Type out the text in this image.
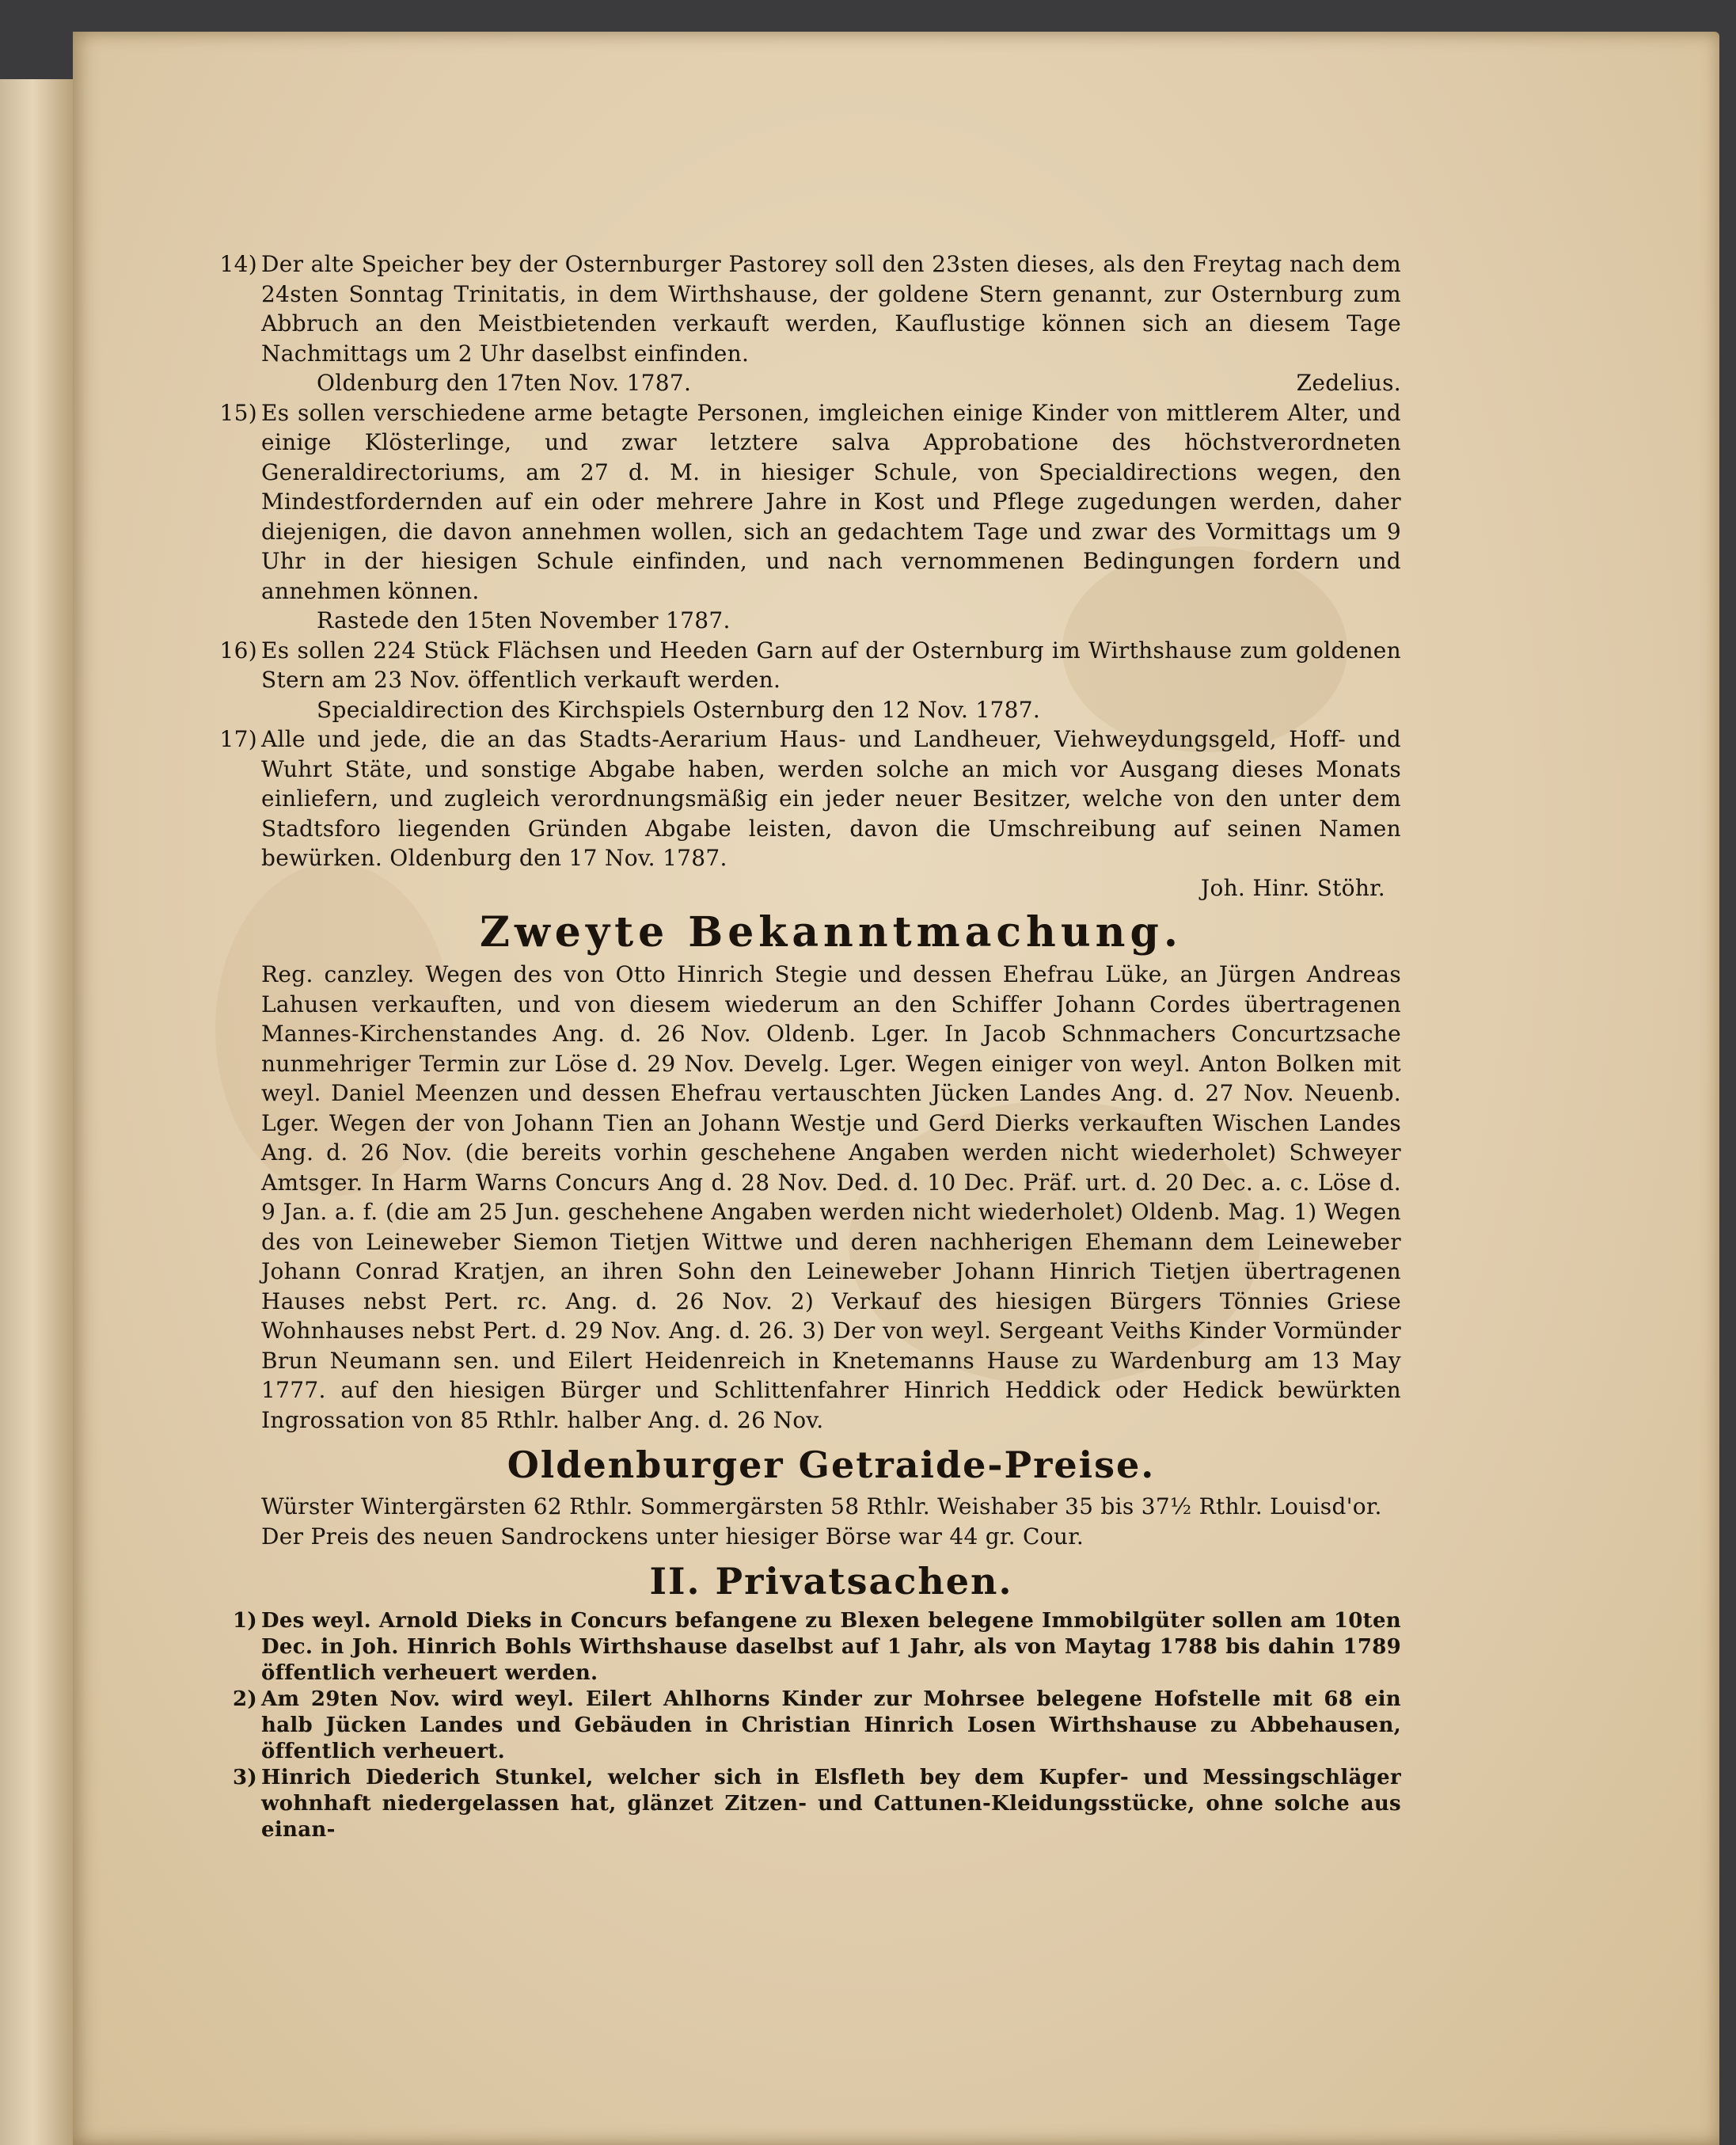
14) Der alte Speicher bey der Osternburger Pastorey soll den 23sten dieses, als den Freytag nach dem 24sten Sonntag Trinitatis, in dem Wirthshause, der goldene Stern genannt, zur Osternburg zum Abbruch an den Meistbietenden verkauft werden, Kauflustige können sich an diesem Tage Nachmittags um 2 Uhr daselbst einfinden.

Oldenburg den 17ten Nov. 1787.	Zedelius.

15) Es sollen verschiedene arme betagte Personen, imgleichen einige Kinder von mittlerem Alter, und einige Klösterlinge, und zwar letztere salva Approbatione des höchstverordneten Generaldirectoriums, am 27 d. M. in hiesiger Schule, von Specialdirections wegen, den Mindestfordernden auf ein oder mehrere Jahre in Kost und Pflege zugedungen werden, daher diejenigen, die davon annehmen wollen, sich an gedachtem Tage und zwar des Vormittags um 9 Uhr in der hiesigen Schule einfinden, und nach vernommenen Bedingungen fordern und annehmen können.

Rastede den 15ten November 1787.

16) Es sollen 224 Stück Flächsen und Heeden Garn auf der Osternburg im Wirthshause zum goldenen Stern am 23 Nov. öffentlich verkauft werden.

Specialdirection des Kirchspiels Osternburg den 12 Nov. 1787.

17) Alle und jede, die an das Stadts-Aerarium Haus- und Landheuer, Viehweydungsgeld, Hoff- und Wuhrt Stäte, und sonstige Abgabe haben, werden solche an mich vor Ausgang dieses Monats einliefern, und zugleich verordnungsmäßig ein jeder neuer Besitzer, welche von den unter dem Stadtsforo liegenden Gründen Abgabe leisten, davon die Umschreibung auf seinen Namen bewürken. Oldenburg den 17 Nov. 1787.

Joh. Hinr. Stöhr.
Zweyte Bekanntmachung.

Reg. canzley. Wegen des von Otto Hinrich Stegie und dessen Ehefrau Lüke, an Jürgen Andreas Lahusen verkauften, und von diesem wiederum an den Schiffer Johann Cordes übertragenen Mannes-Kirchenstandes Ang. d. 26 Nov. Oldenb. Lger. In Jacob Schnmachers Concurtzsache nunmehriger Termin zur Löse d. 29 Nov. Develg. Lger. Wegen einiger von weyl. Anton Bolken mit weyl. Daniel Meenzen und dessen Ehefrau vertauschten Jücken Landes Ang. d. 27 Nov. Neuenb. Lger. Wegen der von Johann Tien an Johann Westje und Gerd Dierks verkauften Wischen Landes Ang. d. 26 Nov. (die bereits vorhin geschehene Angaben werden nicht wiederholet) Schweyer Amtsger. In Harm Warns Concurs Ang d. 28 Nov. Ded. d. 10 Dec. Präf. urt. d. 20 Dec. a. c. Löse d. 9 Jan. a. f. (die am 25 Jun. geschehene Angaben werden nicht wiederholet) Oldenb. Mag. 1) Wegen des von Leineweber Siemon Tietjen Wittwe und deren nachherigen Ehemann dem Leineweber Johann Conrad Kratjen, an ihren Sohn den Leineweber Johann Hinrich Tietjen übertragenen Hauses nebst Pert. rc. Ang. d. 26 Nov. 2) Verkauf des hiesigen Bürgers Tönnies Griese Wohnhauses nebst Pert. d. 29 Nov. Ang. d. 26. 3) Der von weyl. Sergeant Veiths Kinder Vormünder Brun Neumann sen. und Eilert Heidenreich in Knetemanns Hause zu Wardenburg am 13 May 1777. auf den hiesigen Bürger und Schlittenfahrer Hinrich Heddick oder Hedick bewürkten Ingrossation von 85 Rthlr. halber Ang. d. 26 Nov.

Oldenburger Getraide-Preise.

Würster Wintergärsten 62 Rthlr. Sommergärsten 58 Rthlr. Weishaber 35 bis 37½ Rthlr. Louisd'or.

Der Preis des neuen Sandrockens unter hiesiger Börse war 44 gr. Cour.

II. Privatsachen.

1) Des weyl. Arnold Dieks in Concurs befangene zu Blexen belegene Immobilgüter sollen am 10ten Dec. in Joh. Hinrich Bohls Wirthshause daselbst auf 1 Jahr, als von Maytag 1788 bis dahin 1789 öffentlich verheuert werden.

2) Am 29ten Nov. wird weyl. Eilert Ahlhorns Kinder zur Mohrsee belegene Hofstelle mit 68 ein halb Jücken Landes und Gebäuden in Christian Hinrich Losen Wirthshause zu Abbehausen, öffentlich verheuert.

3) Hinrich Diederich Stunkel, welcher sich in Elsfleth bey dem Kupfer- und Messingschläger wohnhaft niedergelassen hat, glänzet Zitzen- und Cattunen-Kleidungsstücke, ohne solche aus einan-
